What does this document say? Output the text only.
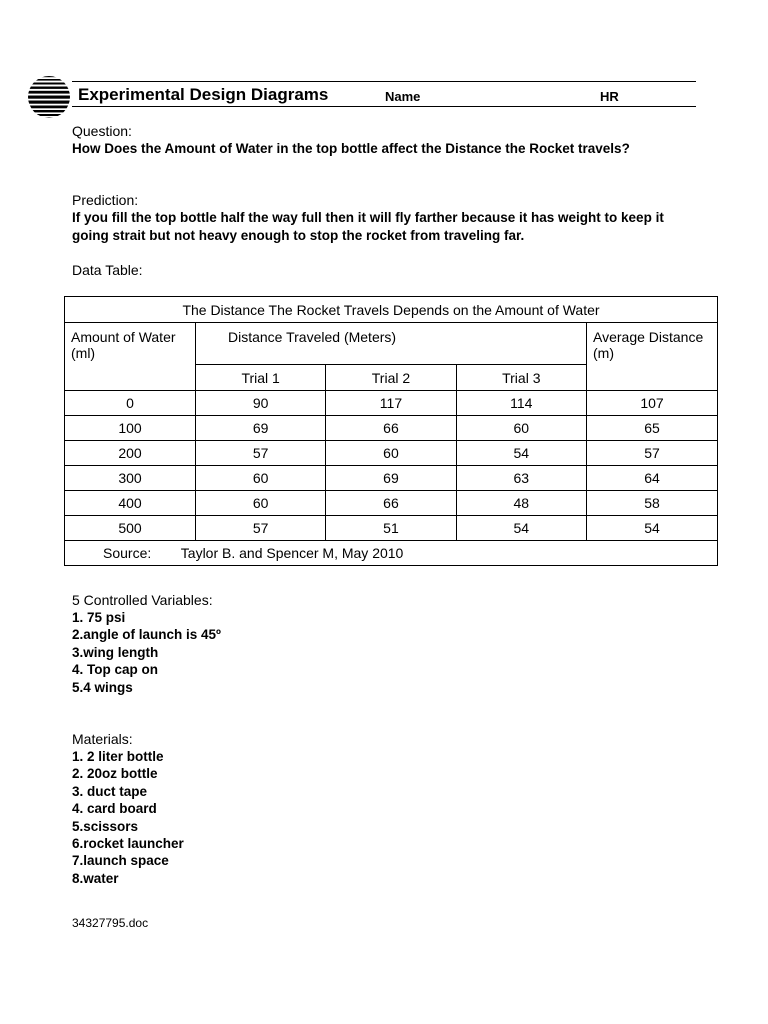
Experimental Design Diagrams	Name	HR
Question:
How Does the Amount of Water in the top bottle affect the Distance the Rocket travels?
Prediction:
If you fill the top bottle half the way full then it will fly farther because it has weight to keep it going strait but not heavy enough to stop the rocket from traveling far.
Data Table:
The Distance The Rocket Travels Depends on the Amount of Water				
Amount of Water (ml)	Distance Traveled (Meters)			Average Distance (m)
	Trial 1	Trial 2	Trial 3	
0	90	117	114	107
100	69	66	60	65
200	57	60	54	57
300	60	69	63	64
400	60	66	48	58
500	57	51	54	54
Source: Taylor B. and Spencer M, May 2010				
5 Controlled Variables:
1. 75 psi
2.angle of launch is 45º
3.wing length
4. Top cap on
5.4 wings
Materials:
1. 2 liter bottle
2. 20oz bottle
3. duct tape
4. card board
5.scissors
6.rocket launcher
7.launch space
8.water
34327795.doc
